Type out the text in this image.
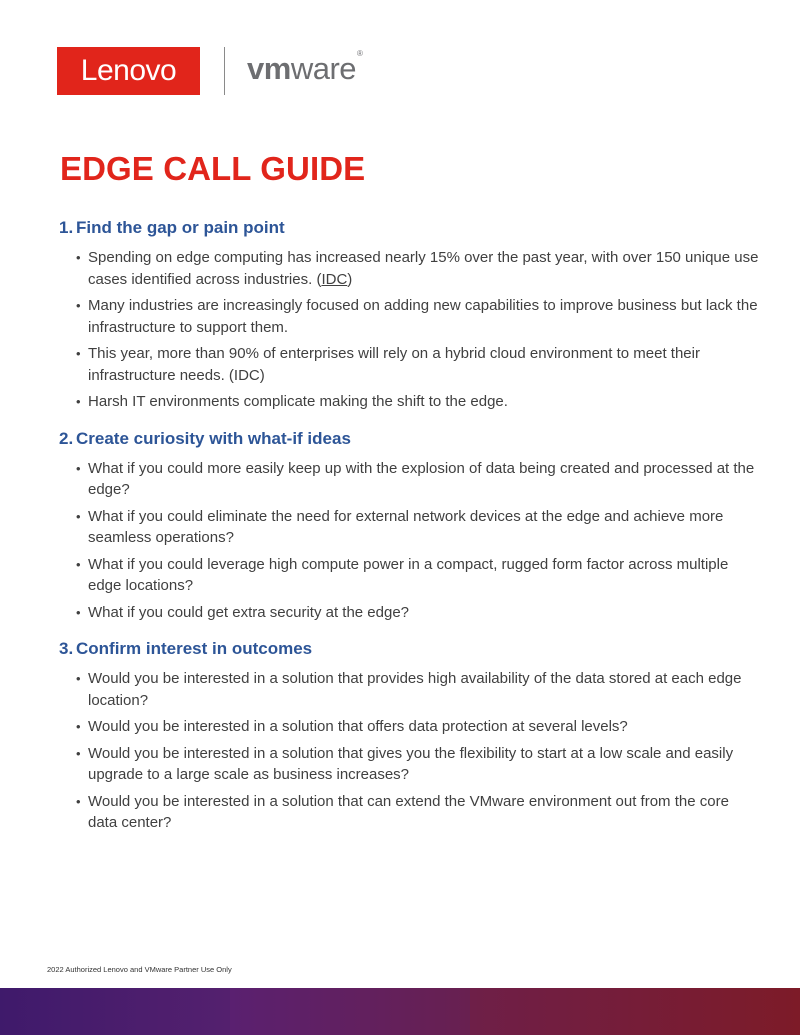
Lenovo vmware®
EDGE CALL GUIDE
1. Find the gap or pain point
• Spending on edge computing has increased nearly 15% over the past year, with over 150 unique use cases identified across industries. (IDC)
• Many industries are increasingly focused on adding new capabilities to improve business but lack the infrastructure to support them.
• This year, more than 90% of enterprises will rely on a hybrid cloud environment to meet their infrastructure needs. (IDC)
• Harsh IT environments complicate making the shift to the edge.
2. Create curiosity with what-if ideas
• What if you could more easily keep up with the explosion of data being created and processed at the edge?
• What if you could eliminate the need for external network devices at the edge and achieve more seamless operations?
• What if you could leverage high compute power in a compact, rugged form factor across multiple edge locations?
• What if you could get extra security at the edge?
3. Confirm interest in outcomes
• Would you be interested in a solution that provides high availability of the data stored at each edge location?
• Would you be interested in a solution that offers data protection at several levels?
• Would you be interested in a solution that gives you the flexibility to start at a low scale and easily upgrade to a large scale as business increases?
• Would you be interested in a solution that can extend the VMware environment out from the core data center?
2022 Authorized Lenovo and VMware Partner Use Only
